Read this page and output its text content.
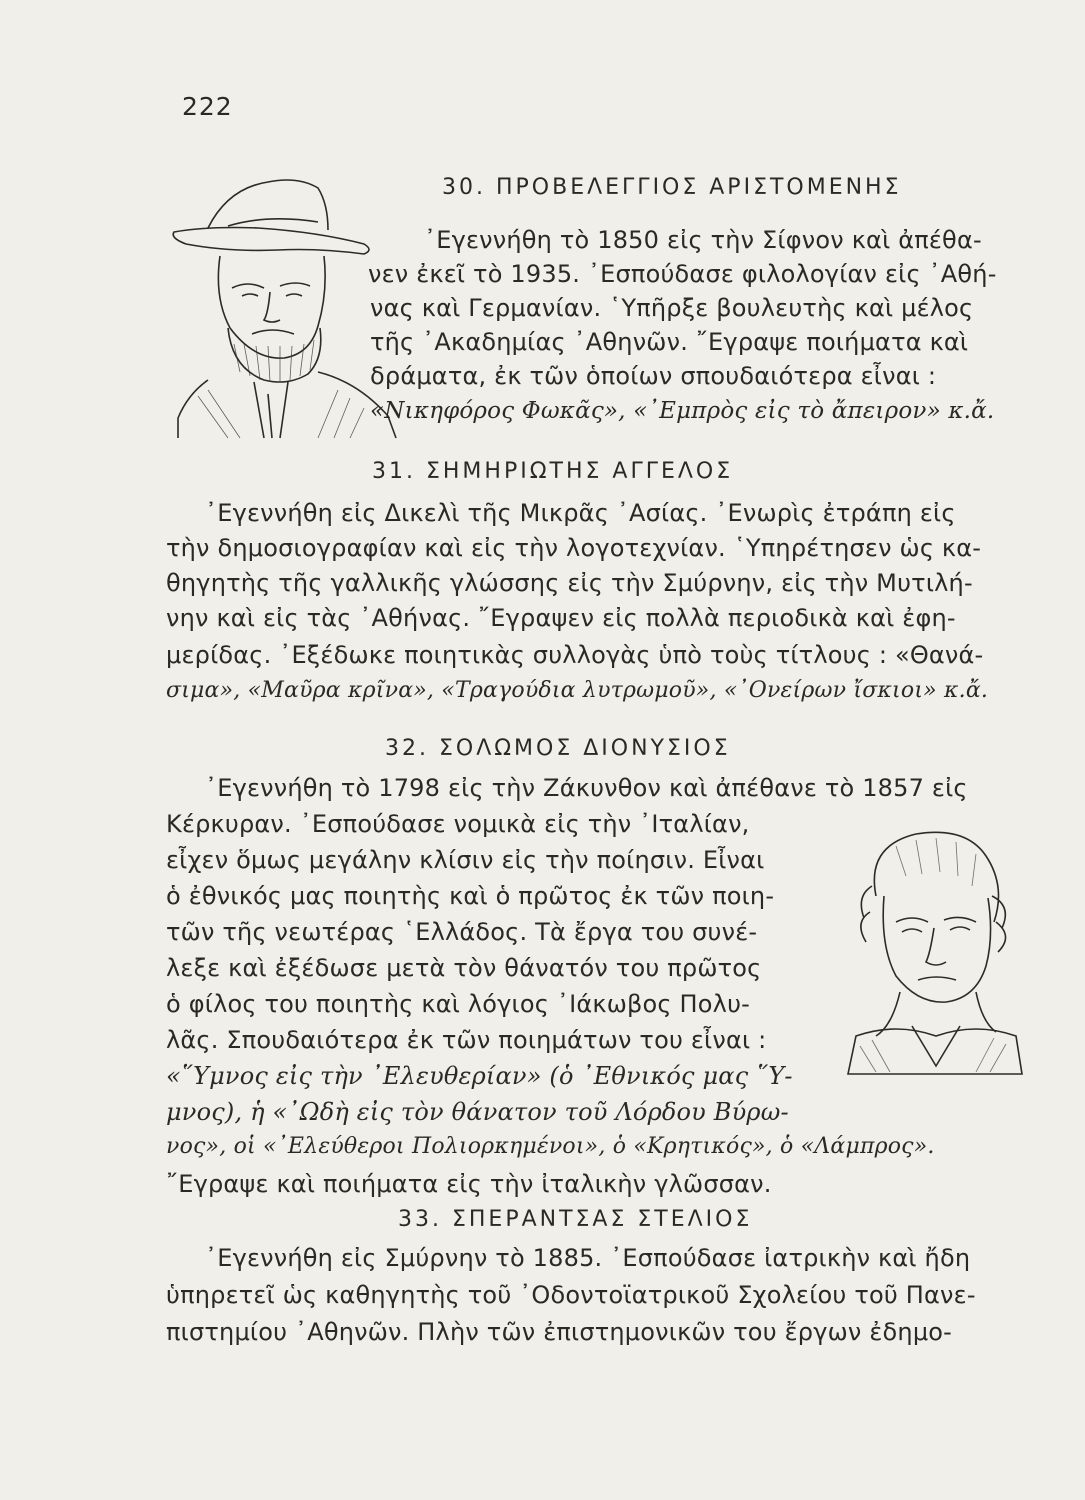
222
30. ΠΡΟΒΕΛΕΓΓΙΟΣ ΑΡΙΣΤΟΜΕΝΗΣ
᾿Εγεννήθη τὸ 1850 εἰς τὴν Σίφνον καὶ ἀπέθα-
νεν ἐκεῖ τὸ 1935. ᾿Εσπούδασε φιλολογίαν εἰς ᾿Αθή-
νας καὶ Γερμανίαν. ῾Υπῆρξε βουλευτὴς καὶ μέλος
τῆς ᾿Ακαδημίας ᾿Αθηνῶν. ῎Εγραψε ποιήματα καὶ
δράματα, ἐκ τῶν ὁποίων σπουδαιότερα εἶναι :
«Νικηφόρος Φωκᾶς», «᾿Εμπρὸς εἰς τὸ ἄπειρον» κ.ἄ.
31. ΣΗΜΗΡΙΩΤΗΣ ΑΓΓΕΛΟΣ
᾿Εγεννήθη εἰς Δικελὶ τῆς Μικρᾶς ᾿Ασίας. ᾿Ενωρὶς ἐτράπη εἰς
τὴν δημοσιογραφίαν καὶ εἰς τὴν λογοτεχνίαν. ῾Υπηρέτησεν ὡς κα-
θηγητὴς τῆς γαλλικῆς γλώσσης εἰς τὴν Σμύρνην, εἰς τὴν Μυτιλή-
νην καὶ εἰς τὰς ᾿Αθήνας. ῎Εγραψεν εἰς πολλὰ περιοδικὰ καὶ ἐφη-
μερίδας. ᾿Εξέδωκε ποιητικὰς συλλογὰς ὑπὸ τοὺς τίτλους : «Θανά-
σιμα», «Μαῦρα κρῖνα», «Τραγούδια λυτρωμοῦ», «᾿Ονείρων ἴσκιοι» κ.ἄ.
32. ΣΟΛΩΜΟΣ ΔΙΟΝΥΣΙΟΣ
᾿Εγεννήθη τὸ 1798 εἰς τὴν Ζάκυνθον καὶ ἀπέθανε τὸ 1857 εἰς
Κέρκυραν. ᾿Εσπούδασε νομικὰ εἰς τὴν ᾿Ιταλίαν,
εἶχεν ὅμως μεγάλην κλίσιν εἰς τὴν ποίησιν. Εἶναι
ὁ ἐθνικός μας ποιητὴς καὶ ὁ πρῶτος ἐκ τῶν ποιη-
τῶν τῆς νεωτέρας ῾Ελλάδος. Τὰ ἔργα του συνέ-
λεξε καὶ ἐξέδωσε μετὰ τὸν θάνατόν του πρῶτος
ὁ φίλος του ποιητὴς καὶ λόγιος ᾿Ιάκωβος Πολυ-
λᾶς. Σπουδαιότερα ἐκ τῶν ποιημάτων του εἶναι :
«῞Υμνος εἰς τὴν ᾿Ελευθερίαν» (ὁ ᾿Εθνικός μας ῞Υ-
μνος), ἡ «᾿Ωδὴ εἰς τὸν θάνατον τοῦ Λόρδου Βύρω-
νος», οἱ «᾿Ελεύθεροι Πολιορκημένοι», ὁ «Κρητικός», ὁ «Λάμπρος».
῎Εγραψε καὶ ποιήματα εἰς τὴν ἰταλικὴν γλῶσσαν.
33. ΣΠΕΡΑΝΤΣΑΣ ΣΤΕΛΙΟΣ
᾿Εγεννήθη εἰς Σμύρνην τὸ 1885. ᾿Εσπούδασε ἰατρικὴν καὶ ἤδη
ὑπηρετεῖ ὡς καθηγητὴς τοῦ ᾿Οδοντοϊατρικοῦ Σχολείου τοῦ Πανε-
πιστημίου ᾿Αθηνῶν. Πλὴν τῶν ἐπιστημονικῶν του ἔργων ἐδημο-
